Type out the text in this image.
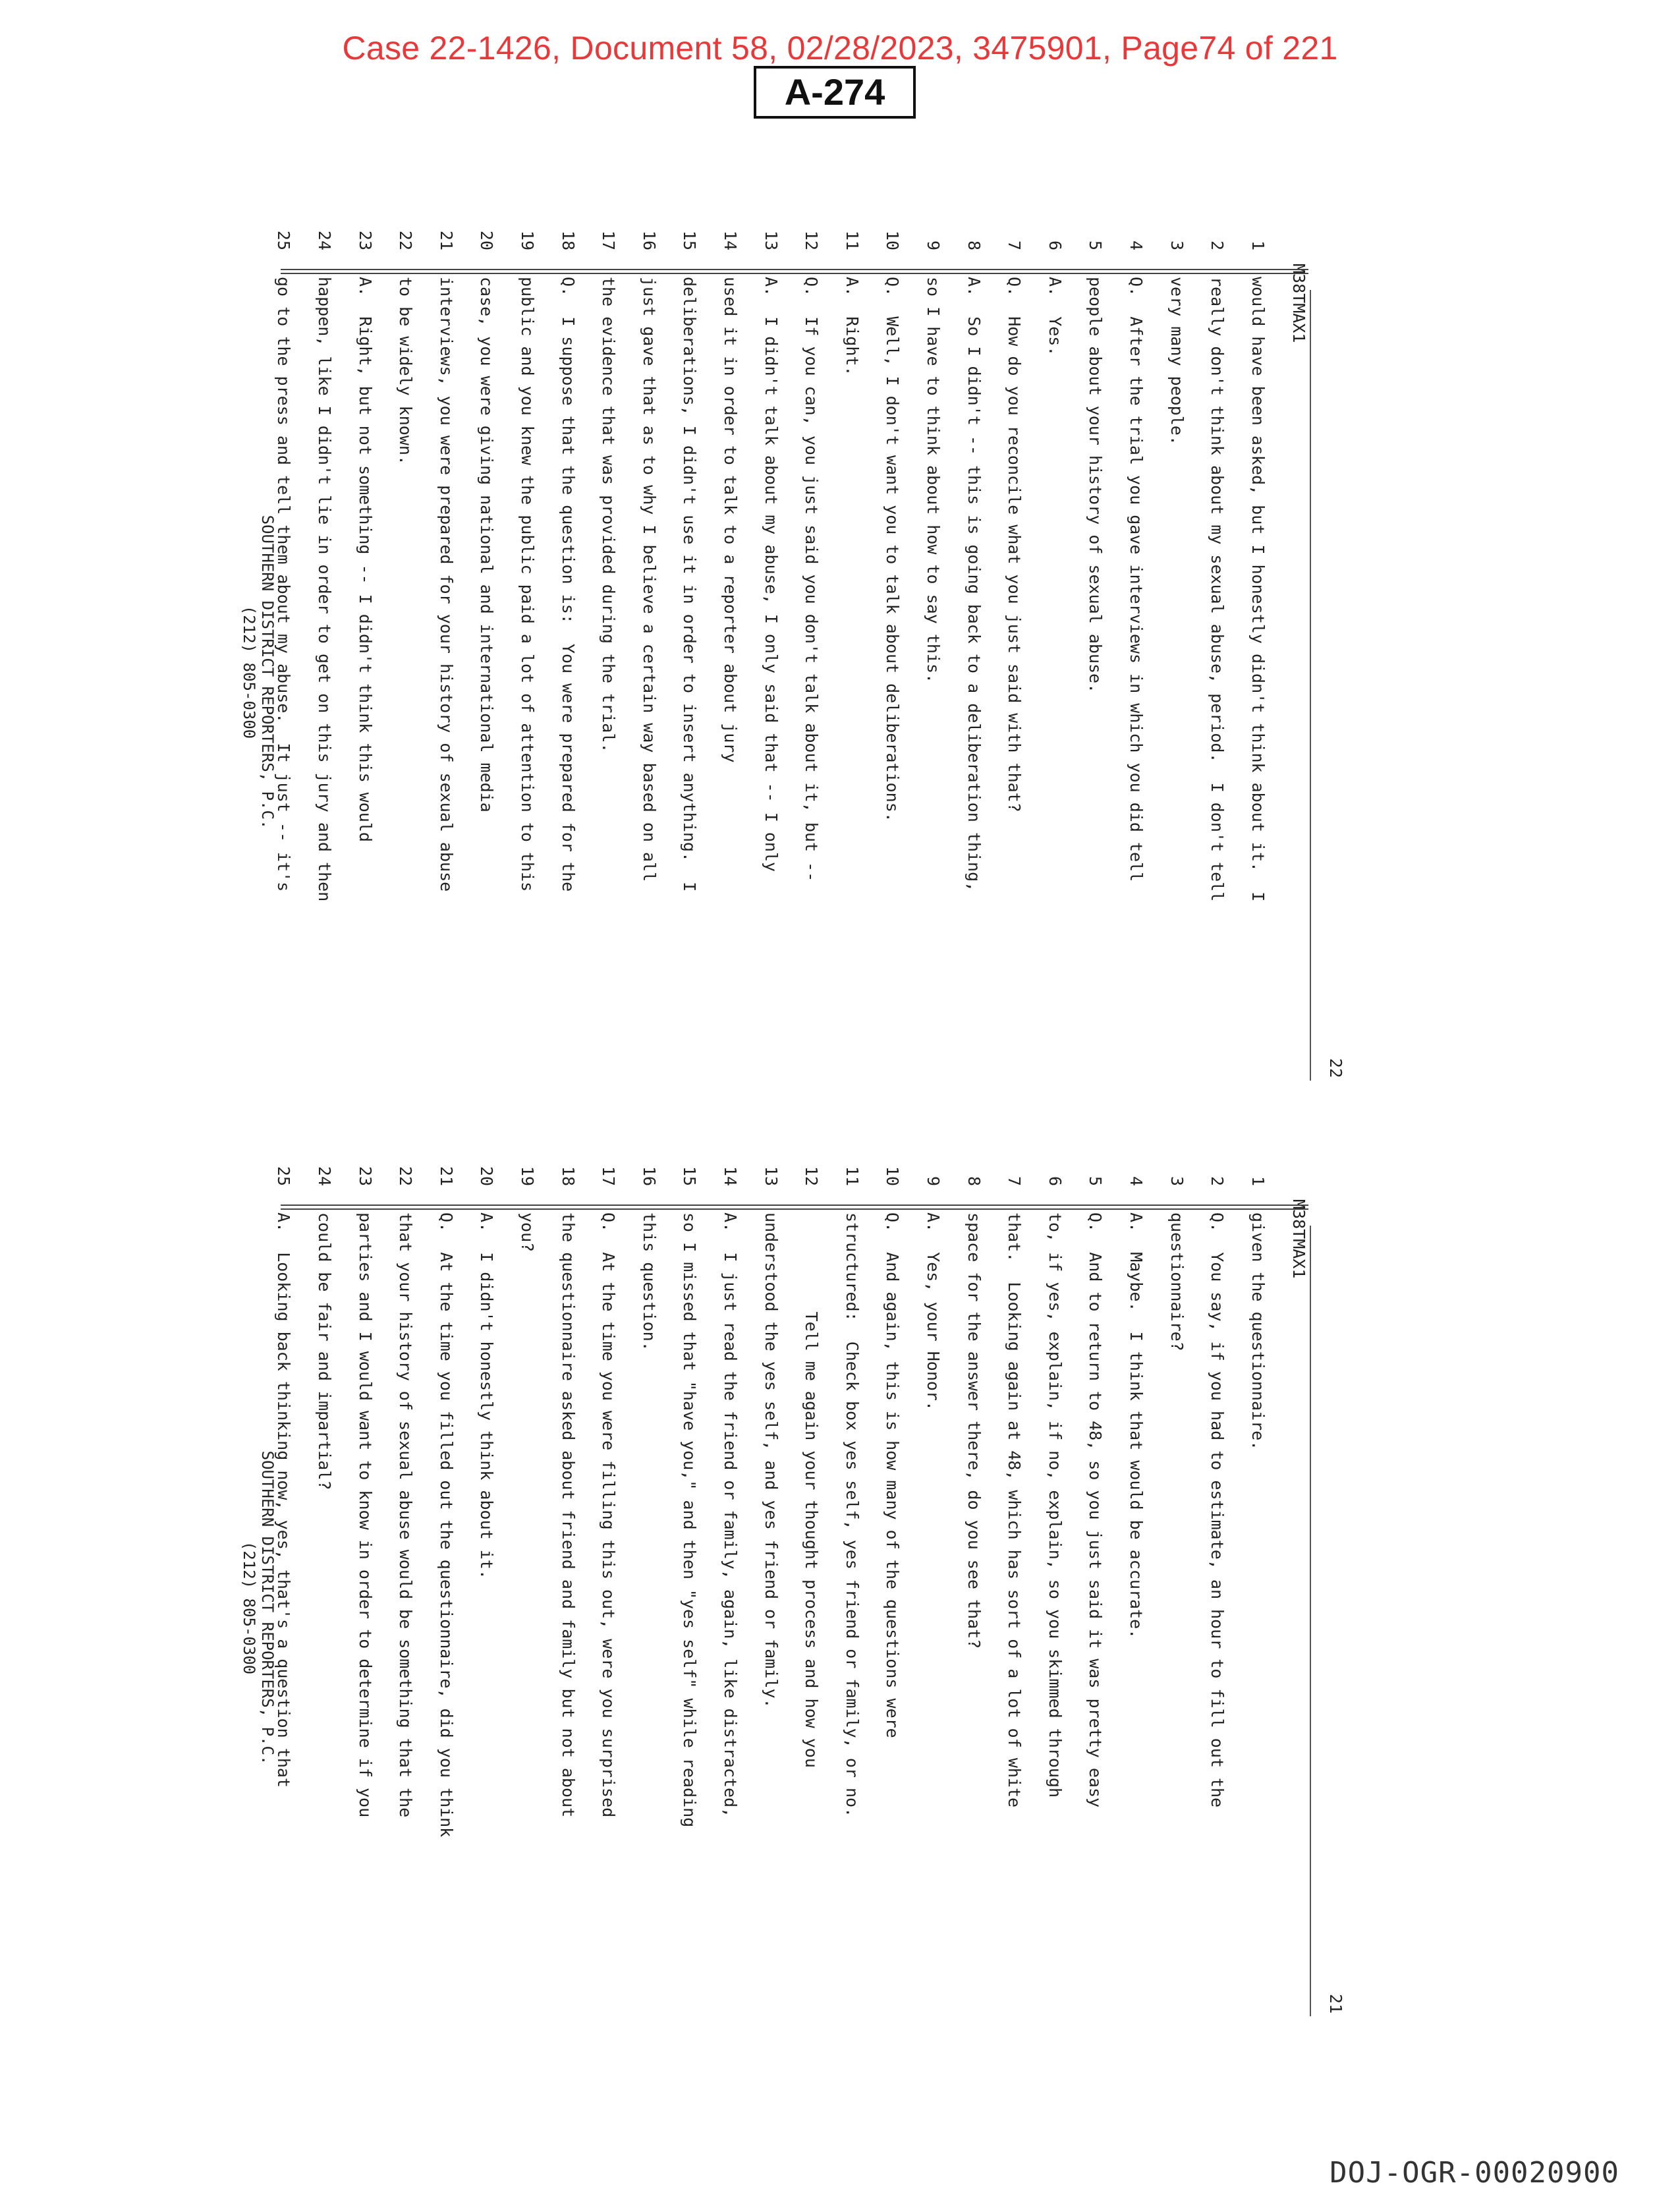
Case 22-1426, Document 58, 02/28/2023, 3475901, Page74 of 221
A-274
21
M38TMAX1
1
given the questionnaire.
2
Q.  You say, if you had to estimate, an hour to fill out the
3
questionnaire?
4
A.  Maybe.  I think that would be accurate.
5
Q.  And to return to 48, so you just said it was pretty easy
6
to, if yes, explain, if no, explain, so you skimmed through
7
that.  Looking again at 48, which has sort of a lot of white
8
space for the answer there, do you see that?
9
A.  Yes, your Honor.
10
Q.  And again, this is how many of the questions were
11
structured:  Check box yes self, yes friend or family, or no.
12
Tell me again your thought process and how you
13
understood the yes self, and yes friend or family.
14
A.  I just read the friend or family, again, like distracted,
15
so I missed that "have you," and then "yes self" while reading
16
this question.
17
Q.  At the time you were filling this out, were you surprised
18
the questionnaire asked about friend and family but not about
19
you?
20
A.  I didn't honestly think about it.
21
Q.  At the time you filled out the questionnaire, did you think
22
that your history of sexual abuse would be something that the
23
parties and I would want to know in order to determine if you
24
could be fair and impartial?
25
A.  Looking back thinking now, yes, that's a question that
SOUTHERN DISTRICT REPORTERS, P.C.
(212) 805-0300
22
M38TMAX1
1
would have been asked, but I honestly didn't think about it.  I
2
really don't think about my sexual abuse, period.  I don't tell
3
very many people.
4
Q.  After the trial you gave interviews in which you did tell
5
people about your history of sexual abuse.
6
A.  Yes.
7
Q.  How do you reconcile what you just said with that?
8
A.  So I didn't -- this is going back to a deliberation thing,
9
so I have to think about how to say this.
10
Q.  Well, I don't want you to talk about deliberations.
11
A.  Right.
12
Q.  If you can, you just said you don't talk about it, but --
13
A.  I didn't talk about my abuse, I only said that -- I only
14
used it in order to talk to a reporter about jury
15
deliberations, I didn't use it in order to insert anything.  I
16
just gave that as to why I believe a certain way based on all
17
the evidence that was provided during the trial.
18
Q.  I suppose that the question is:  You were prepared for the
19
public and you knew the public paid a lot of attention to this
20
case, you were giving national and international media
21
interviews, you were prepared for your history of sexual abuse
22
to be widely known.
23
A.  Right, but not something -- I didn't think this would
24
happen, like I didn't lie in order to get on this jury and then
25
go to the press and tell them about my abuse.  It just -- it's
SOUTHERN DISTRICT REPORTERS, P.C.
(212) 805-0300
DOJ-OGR-00020900
